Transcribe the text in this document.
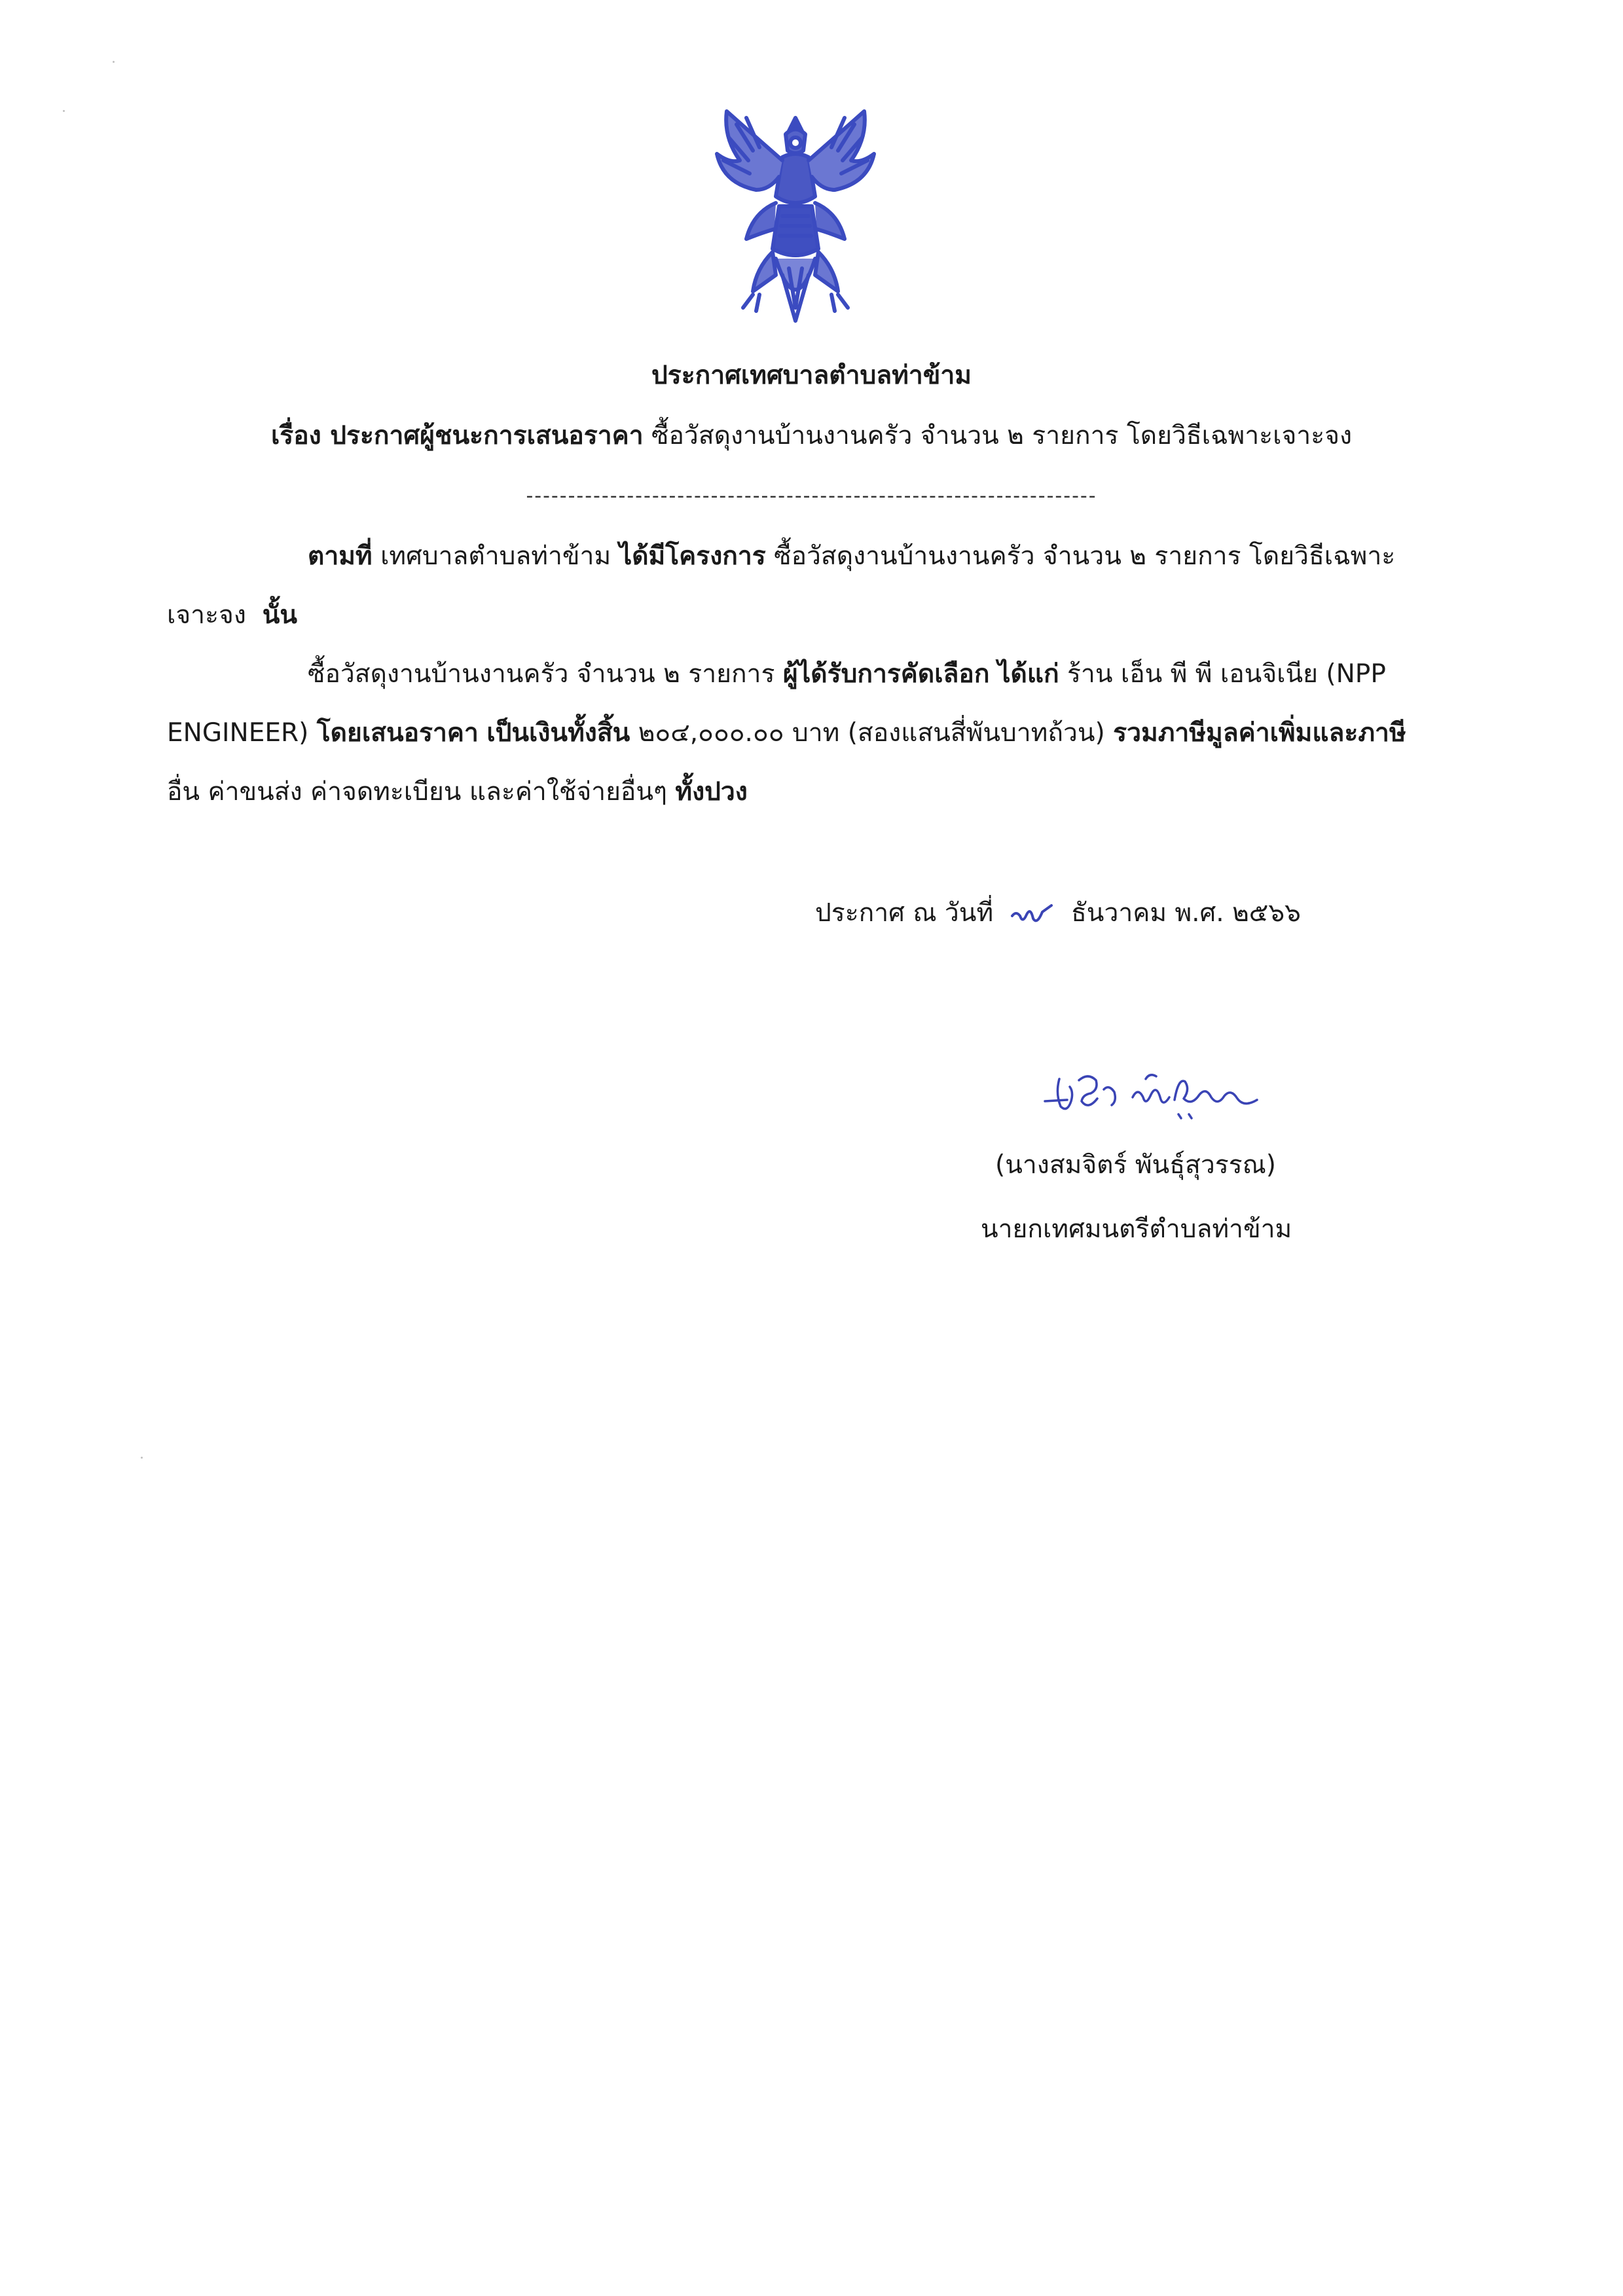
ประกาศเทศบาลตำบลท่าข้าม
เรื่อง ประกาศผู้ชนะการเสนอราคา ซื้อวัสดุงานบ้านงานครัว จำนวน ๒ รายการ โดยวิธีเฉพาะเจาะจง
--------------------------------------------------------------------
ตามที่ เทศบาลตำบลท่าข้าม ได้มีโครงการ ซื้อวัสดุงานบ้านงานครัว จำนวน ๒ รายการ โดยวิธีเฉพาะ
เจาะจง นั้น
ซื้อวัสดุงานบ้านงานครัว จำนวน ๒ รายการ ผู้ได้รับการคัดเลือก ได้แก่ ร้าน เอ็น พี พี เอนจิเนีย (NPP
ENGINEER) โดยเสนอราคา เป็นเงินทั้งสิ้น ๒๐๔,๐๐๐.๐๐ บาท (สองแสนสี่พันบาทถ้วน) รวมภาษีมูลค่าเพิ่มและภาษี
อื่น ค่าขนส่ง ค่าจดทะเบียน และค่าใช้จ่ายอื่นๆ ทั้งปวง
ประกาศ ณ วันที่	ธันวาคม พ.ศ. ๒๕๖๖
(นางสมจิตร์ พันธุ์สุวรรณ)
นายกเทศมนตรีตำบลท่าข้าม
